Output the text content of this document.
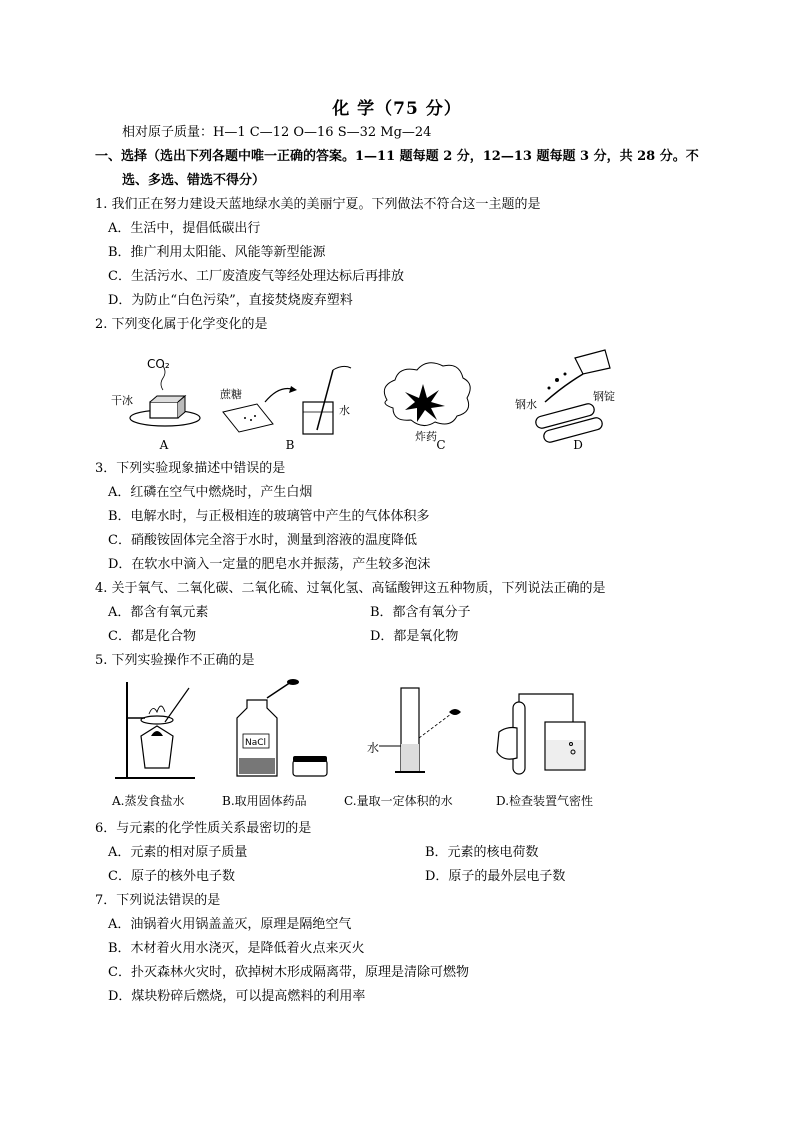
化 学（75 分）
相对原子质量：H—1 C—12 O—16 S—32 Mg—24
一、选择（选出下列各题中唯一正确的答案。1—11 题每题 2 分，12—13 题每题 3 分，共 28 分。不
选、多选、错选不得分）
1. 我们正在努力建设天蓝地绿水美的美丽宁夏。下列做法不符合这一主题的是
A．生活中，提倡低碳出行
B．推广利用太阳能、风能等新型能源
C．生活污水、工厂废渣废气等经处理达标后再排放
D．为防止“白色污染”，直接焚烧废弃塑料
2. 下列变化属于化学变化的是
CO₂
干冰	蔗糖
水
炸药
钢水
钢锭
A	B	C	D
3．下列实验现象描述中错误的是
A．红磷在空气中燃烧时，产生白烟
B．电解水时，与正极相连的玻璃管中产生的气体体积多
C．硝酸铵固体完全溶于水时，测量到溶液的温度降低
D．在软水中滴入一定量的肥皂水并振荡，产生较多泡沫
4. 关于氧气、二氧化碳、二氧化硫、过氧化氢、高锰酸钾这五种物质，下列说法正确的是
A．都含有氧元素	B．都含有氧分子
C．都是化合物	D．都是氧化物
5. 下列实验操作不正确的是
NaCl	水
A.蒸发食盐水	B.取用固体药品	C.量取一定体积的水	D.检查装置气密性
6．与元素的化学性质关系最密切的是
A．元素的相对原子质量	B．元素的核电荷数
C．原子的核外电子数	D．原子的最外层电子数
7．下列说法错误的是
A．油锅着火用锅盖盖灭，原理是隔绝空气
B．木材着火用水浇灭，是降低着火点来灭火
C．扑灭森林火灾时，砍掉树木形成隔离带，原理是清除可燃物
D．煤块粉碎后燃烧，可以提高燃料的利用率
